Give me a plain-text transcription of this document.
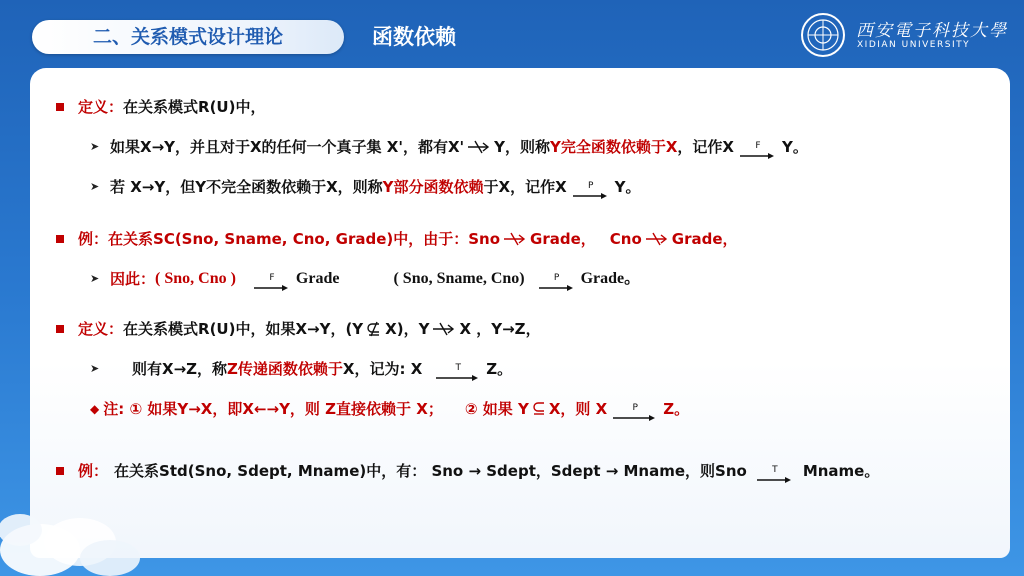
二、关系模式设计理论	函数依赖	西安電子科技大學
XIDIAN UNIVERSITY
定义： 在关系模式R(U)中，
➤ 如果X→Y，并且对于X的任何一个真子集 X'，都有X' Y，则称 Y完全函数依赖于X ，记作X F Y。
➤ 若 X→Y，但Y不完全函数依赖于X，则称 Y部分函数依赖 于X，记作X P Y。
例： 在关系SC(Sno, Sname, Cno, Grade)中，由于：Sno Grade， Cno Grade，
➤ 因此： ( Sno, Cno )	F Grade	( Sno, Sname, Cno)	P Grade。
定义： 在关系模式R(U)中，如果X→Y，(Y X)，Y X ，Y→Z，
➤	则有X→Z，称 Z传递函数依赖于 X，记为: X	T Z。
◆ 注: ① 如果Y→X，即X←→Y，则 Z直接依赖于 X； ② 如果 Y X，则 X	P Z。
例： 在关系Std(Sno, Sdept, Mname)中，有： Sno → Sdept，Sdept → Mname，则Sno	T Mname。
